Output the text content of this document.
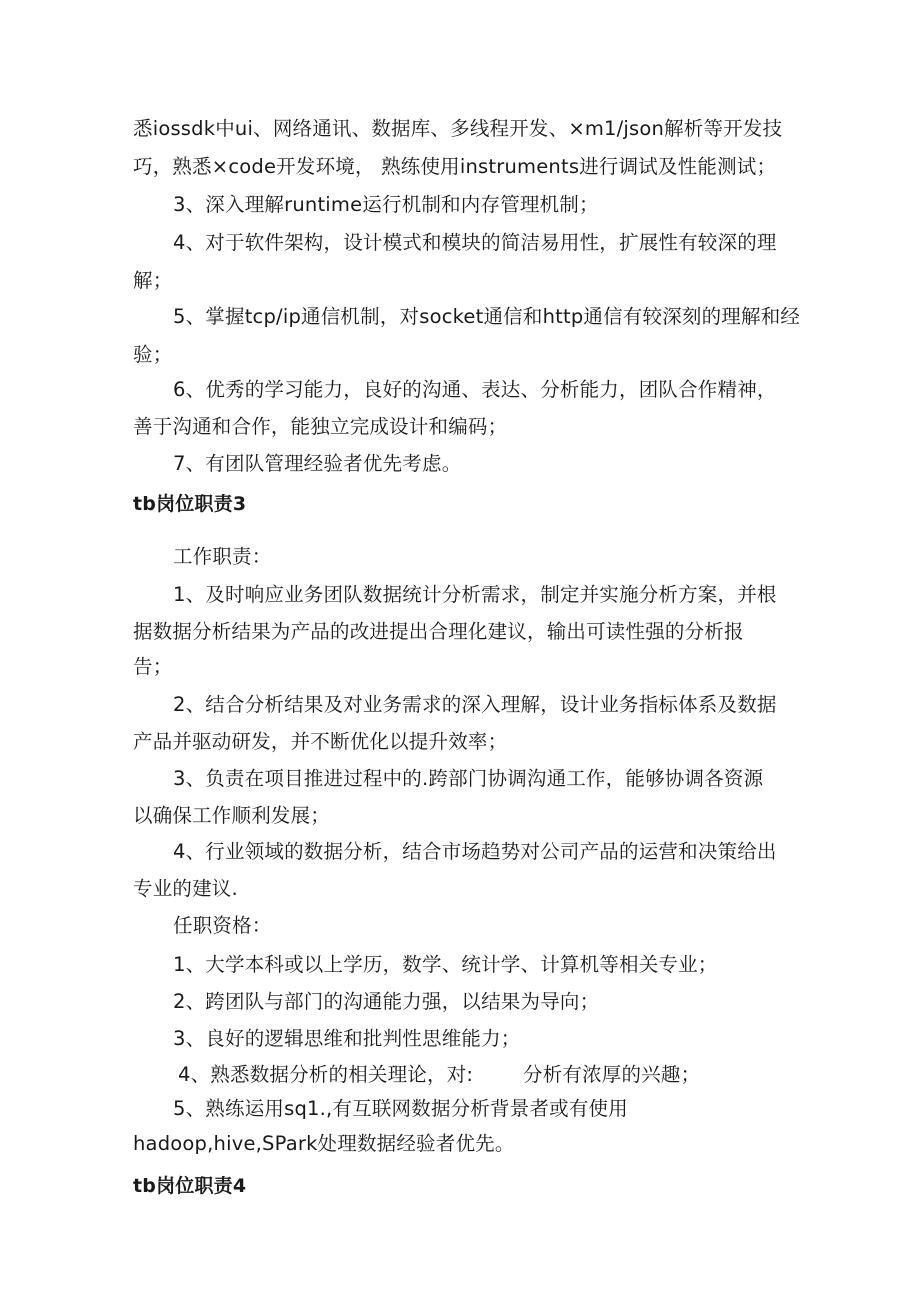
悉iossdk中ui、网络通讯、数据库、多线程开发、×m1/json解析等开发技
巧，熟悉×code开发环境， 熟练使用instruments进行调试及性能测试；
3、深入理解runtime运行机制和内存管理机制；
4、对于软件架构，设计模式和模块的简洁易用性，扩展性有较深的理
解；
5、掌握tcp/ip通信机制，对socket通信和http通信有较深刻的理解和经
验；
6、优秀的学习能力，良好的沟通、表达、分析能力，团队合作精神，
善于沟通和合作，能独立完成设计和编码；
7、有团队管理经验者优先考虑。
tb岗位职责3
工作职责：
1、及时响应业务团队数据统计分析需求，制定并实施分析方案，并根
据数据分析结果为产品的改进提出合理化建议，输出可读性强的分析报
告；
2、结合分析结果及对业务需求的深入理解，设计业务指标体系及数据
产品并驱动研发，并不断优化以提升效率；
3、负责在项目推进过程中的.跨部门协调沟通工作，能够协调各资源
以确保工作顺利发展；
4、行业领域的数据分析，结合市场趋势对公司产品的运营和决策给出
专业的建议.
任职资格：
1、大学本科或以上学历，数学、统计学、计算机等相关专业；
2、跨团队与部门的沟通能力强，以结果为导向；
3、良好的逻辑思维和批判性思维能力；
4、熟悉数据分析的相关理论，对:	分析有浓厚的兴趣；
5、熟练运用sq1.,有互联网数据分析背景者或有使用
hadoop,hive,SPark处理数据经验者优先。
tb岗位职责4
